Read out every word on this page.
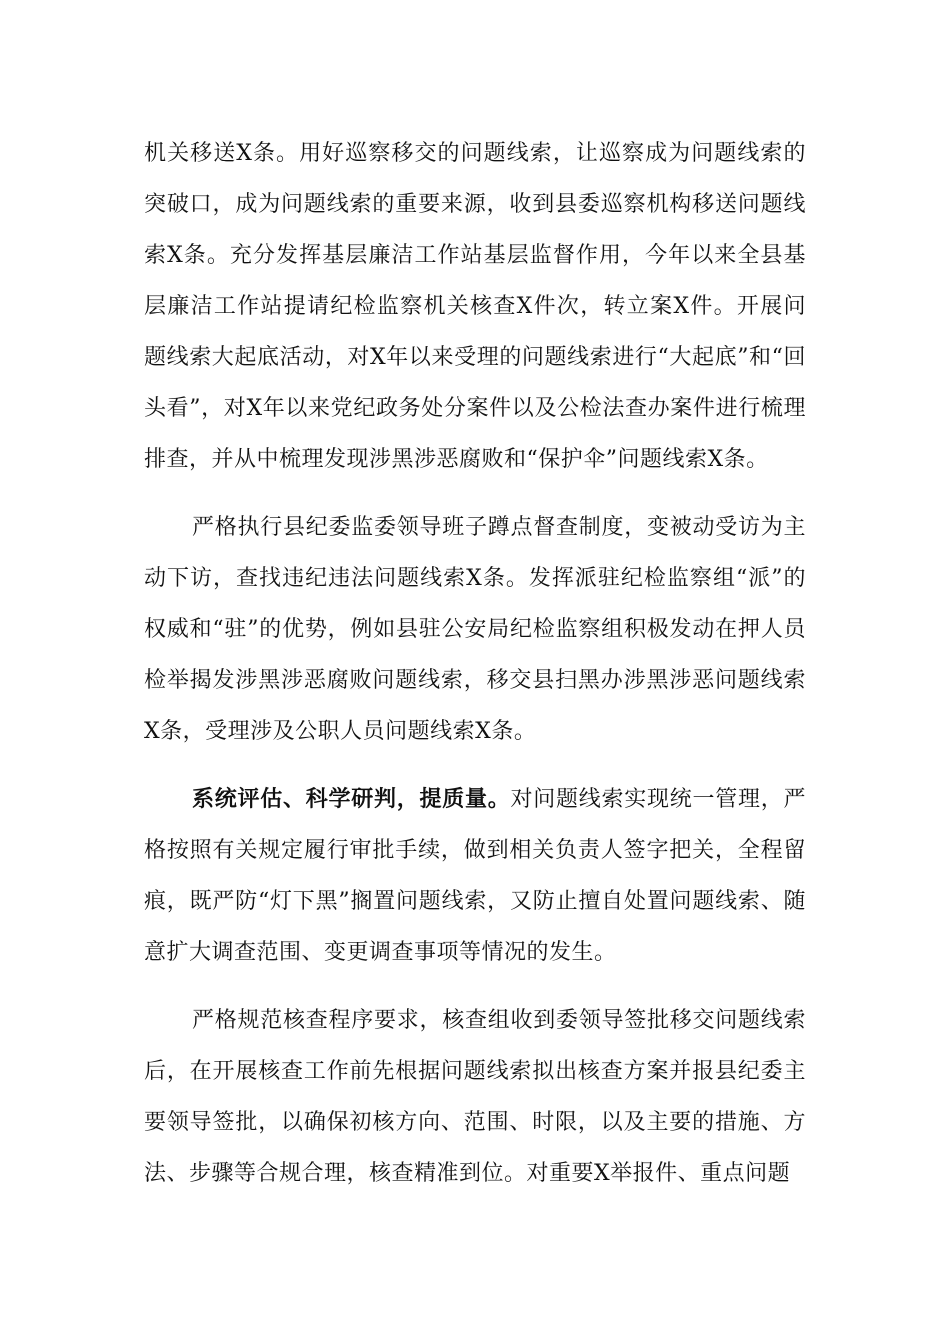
机关移送X条。用好巡察移交的问题线索，让巡察成为问题线索的突破口，成为问题线索的重要来源，收到县委巡察机构移送问题线索X条。充分发挥基层廉洁工作站基层监督作用，今年以来全县基层廉洁工作站提请纪检监察机关核查X件次，转立案X件。开展问题线索大起底活动，对X年以来受理的问题线索进行“大起底”和“回头看”，对X年以来党纪政务处分案件以及公检法查办案件进行梳理排查，并从中梳理发现涉黑涉恶腐败和“保护伞”问题线索X条。

严格执行县纪委监委领导班子蹲点督查制度，变被动受访为主动下访，查找违纪违法问题线索X条。发挥派驻纪检监察组“派”的权威和“驻”的优势，例如县驻公安局纪检监察组积极发动在押人员检举揭发涉黑涉恶腐败问题线索，移交县扫黑办涉黑涉恶问题线索X条，受理涉及公职人员问题线索X条。

系统评估、科学研判，提质量。对问题线索实现统一管理，严格按照有关规定履行审批手续，做到相关负责人签字把关，全程留痕，既严防“灯下黑”搁置问题线索，又防止擅自处置问题线索、随意扩大调查范围、变更调查事项等情况的发生。

严格规范核查程序要求，核查组收到委领导签批移交问题线索后，在开展核查工作前先根据问题线索拟出核查方案并报县纪委主要领导签批，以确保初核方向、范围、时限，以及主要的措施、方法、步骤等合规合理，核查精准到位。对重要X举报件、重点问题
